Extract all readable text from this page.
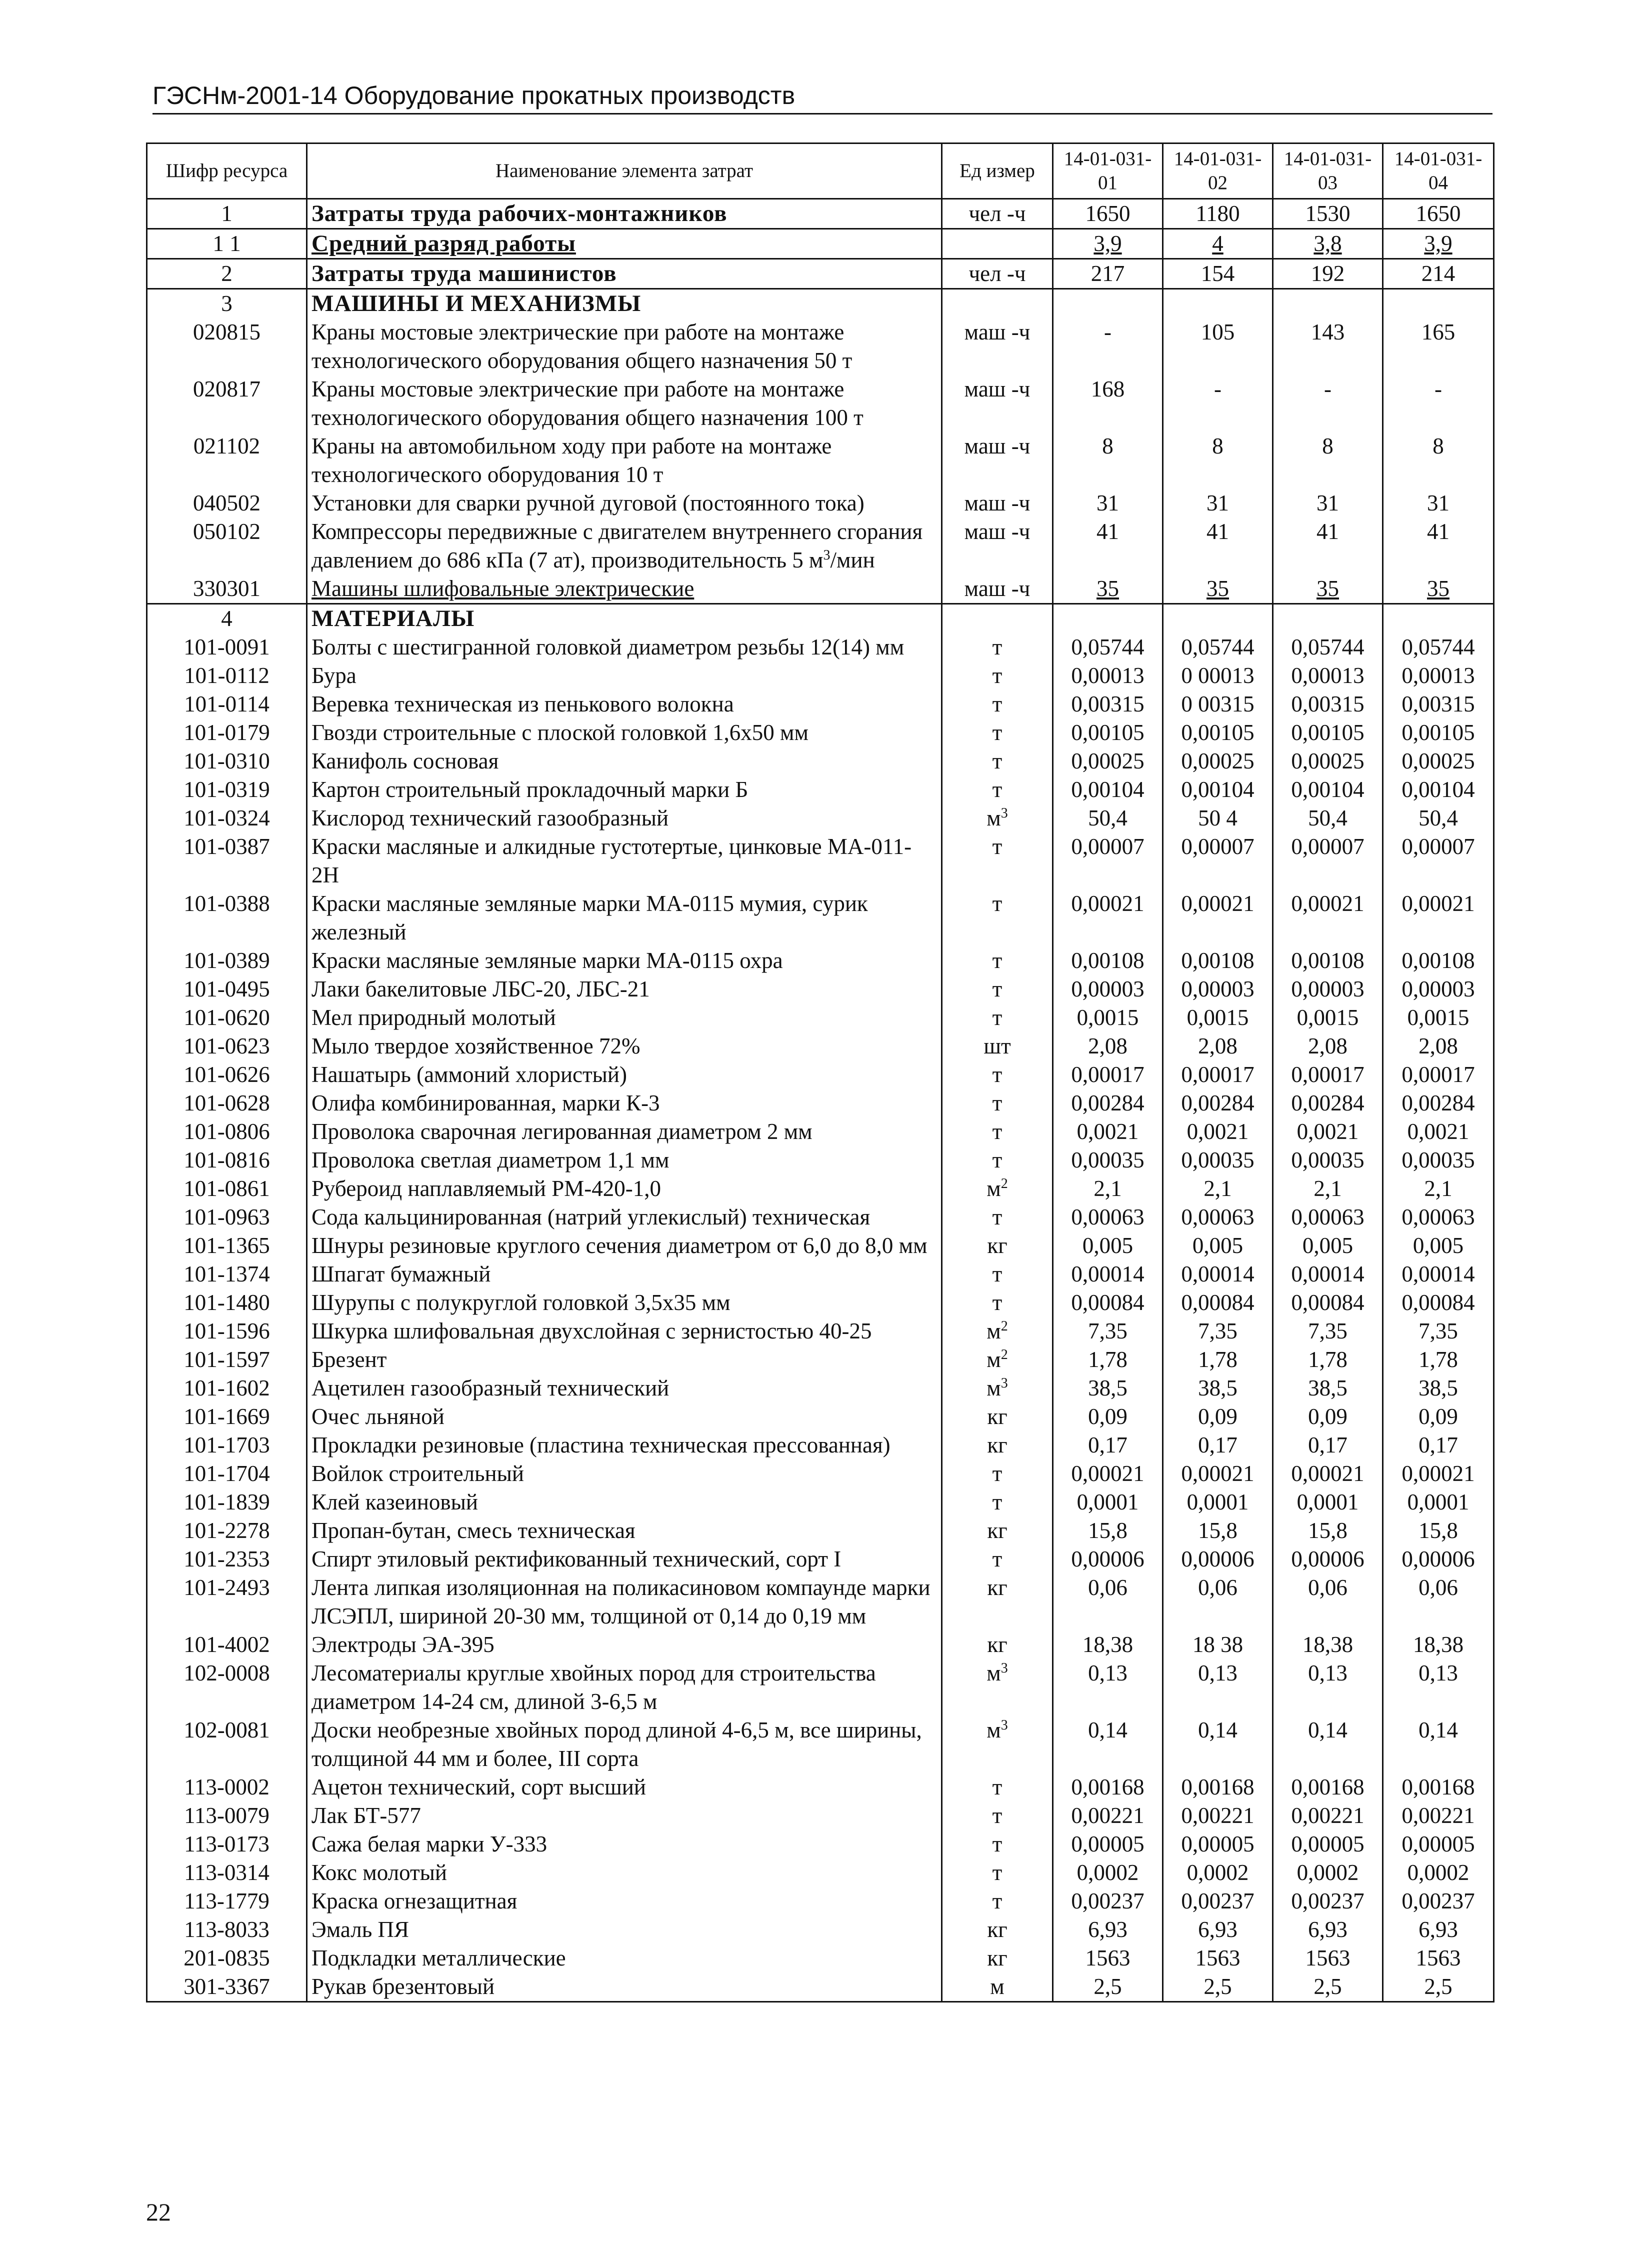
ГЭСНм-2001-14 Оборудование прокатных производств
Шифр ресурса	Наименование элемента затрат	Ед измер	14-01-031-01	14-01-031-02	14-01-031-03	14-01-031-04
1	Затраты труда рабочих-монтажников	чел -ч	1650	1180	1530	1650
1 1	Средний разряд работы		3,9	4	3,8	3,9
2	Затраты труда машинистов	чел -ч	217	154	192	214
3	МАШИНЫ И МЕХАНИЗМЫ					
020815	Краны мостовые электрические при работе на монтаже технологического оборудования общего назначения 50 т	маш -ч	-	105	143	165
020817	Краны мостовые электрические при работе на монтаже технологического оборудования общего назначения 100 т	маш -ч	168	-	-	-
021102	Краны на автомобильном ходу при работе на монтаже технологического оборудования 10 т	маш -ч	8	8	8	8
040502	Установки для сварки ручной дуговой (постоянного тока)	маш -ч	31	31	31	31
050102	Компрессоры передвижные с двигателем внутреннего сгорания давлением до 686 кПа (7 ат), производительность 5 $м^3$/мин	маш -ч	41	41	41	41
330301	Машины шлифовальные электрические	маш -ч	35	35	35	35
4	МАТЕРИАЛЫ					
101-0091	Болты с шестигранной головкой диаметром резьбы 12(14) мм	т	0,05744	0,05744	0,05744	0,05744
101-0112	Бура	т	0,00013	0 00013	0,00013	0,00013
101-0114	Веревка техническая из пенькового волокна	т	0,00315	0 00315	0,00315	0,00315
101-0179	Гвозди строительные с плоской головкой 1,6х50 мм	т	0,00105	0,00105	0,00105	0,00105
101-0310	Канифоль сосновая	т	0,00025	0,00025	0,00025	0,00025
101-0319	Картон строительный прокладочный марки Б	т	0,00104	0,00104	0,00104	0,00104
101-0324	Кислород технический газообразный	$м^3$	50,4	50 4	50,4	50,4
101-0387	Краски масляные и алкидные густотертые, цинковые МА-011-2Н	т	0,00007	0,00007	0,00007	0,00007
101-0388	Краски масляные земляные марки МА-0115 мумия, сурик железный	т	0,00021	0,00021	0,00021	0,00021
101-0389	Краски масляные земляные марки МА-0115 охра	т	0,00108	0,00108	0,00108	0,00108
101-0495	Лаки бакелитовые ЛБС-20, ЛБС-21	т	0,00003	0,00003	0,00003	0,00003
101-0620	Мел природный молотый	т	0,0015	0,0015	0,0015	0,0015
101-0623	Мыло твердое хозяйственное 72%	шт	2,08	2,08	2,08	2,08
101-0626	Нашатырь (аммоний хлористый)	т	0,00017	0,00017	0,00017	0,00017
101-0628	Олифа комбинированная, марки К-3	т	0,00284	0,00284	0,00284	0,00284
101-0806	Проволока сварочная легированная диаметром 2 мм	т	0,0021	0,0021	0,0021	0,0021
101-0816	Проволока светлая диаметром 1,1 мм	т	0,00035	0,00035	0,00035	0,00035
101-0861	Рубероид наплавляемый РМ-420-1,0	$м^2$	2,1	2,1	2,1	2,1
101-0963	Сода кальцинированная (натрий углекислый) техническая	т	0,00063	0,00063	0,00063	0,00063
101-1365	Шнуры резиновые круглого сечения диаметром от 6,0 до 8,0 мм	кг	0,005	0,005	0,005	0,005
101-1374	Шпагат бумажный	т	0,00014	0,00014	0,00014	0,00014
101-1480	Шурупы с полукруглой головкой 3,5х35 мм	т	0,00084	0,00084	0,00084	0,00084
101-1596	Шкурка шлифовальная двухслойная с зернистостью 40-25	$м^2$	7,35	7,35	7,35	7,35
101-1597	Брезент	$м^2$	1,78	1,78	1,78	1,78
101-1602	Ацетилен газообразный технический	$м^3$	38,5	38,5	38,5	38,5
101-1669	Очес льняной	кг	0,09	0,09	0,09	0,09
101-1703	Прокладки резиновые (пластина техническая прессованная)	кг	0,17	0,17	0,17	0,17
101-1704	Войлок строительный	т	0,00021	0,00021	0,00021	0,00021
101-1839	Клей казеиновый	т	0,0001	0,0001	0,0001	0,0001
101-2278	Пропан-бутан, смесь техническая	кг	15,8	15,8	15,8	15,8
101-2353	Спирт этиловый ректификованный технический, сорт I	т	0,00006	0,00006	0,00006	0,00006
101-2493	Лента липкая изоляционная на поликасиновом компаунде марки ЛСЭПЛ, шириной 20-30 мм, толщиной от 0,14 до 0,19 мм	кг	0,06	0,06	0,06	0,06
101-4002	Электроды ЭА-395	кг	18,38	18 38	18,38	18,38
102-0008	Лесоматериалы круглые хвойных пород для строительства диаметром 14-24 см, длиной 3-6,5 м	$м^3$	0,13	0,13	0,13	0,13
102-0081	Доски необрезные хвойных пород длиной 4-6,5 м, все ширины, толщиной 44 мм и более, III сорта	$м^3$	0,14	0,14	0,14	0,14
113-0002	Ацетон технический, сорт высший	т	0,00168	0,00168	0,00168	0,00168
113-0079	Лак БТ-577	т	0,00221	0,00221	0,00221	0,00221
113-0173	Сажа белая марки У-333	т	0,00005	0,00005	0,00005	0,00005
113-0314	Кокс молотый	т	0,0002	0,0002	0,0002	0,0002
113-1779	Краска огнезащитная	т	0,00237	0,00237	0,00237	0,00237
113-8033	Эмаль ПЯ	кг	6,93	6,93	6,93	6,93
201-0835	Подкладки металлические	кг	1563	1563	1563	1563
301-3367	Рукав брезентовый	м	2,5	2,5	2,5	2,5
22
